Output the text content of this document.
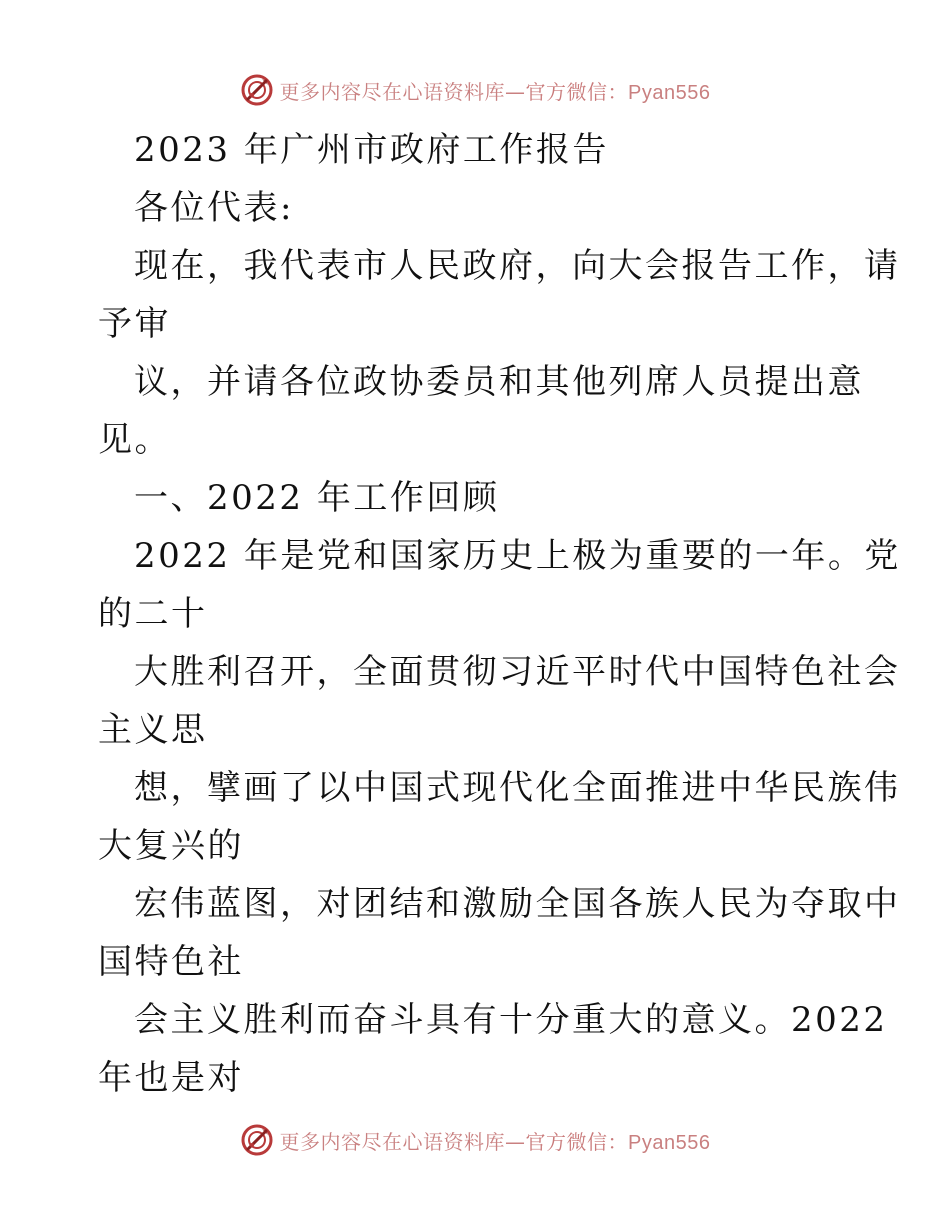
更多内容尽在心语资料库—官方微信：Pyan556
2023 年广州市政府工作报告
各位代表:
现在，我代表市人民政府，向大会报告工作，请
予审
议，并请各位政协委员和其他列席人员提出意
见。
一、2022 年工作回顾
2022 年是党和国家历史上极为重要的一年。党
的二十
大胜利召开，全面贯彻习近平时代中国特色社会
主义思
想，擘画了以中国式现代化全面推进中华民族伟
大复兴的
宏伟蓝图，对团结和激励全国各族人民为夺取中
国特色社
会主义胜利而奋斗具有十分重大的意义。2022
年也是对
更多内容尽在心语资料库—官方微信：Pyan556
